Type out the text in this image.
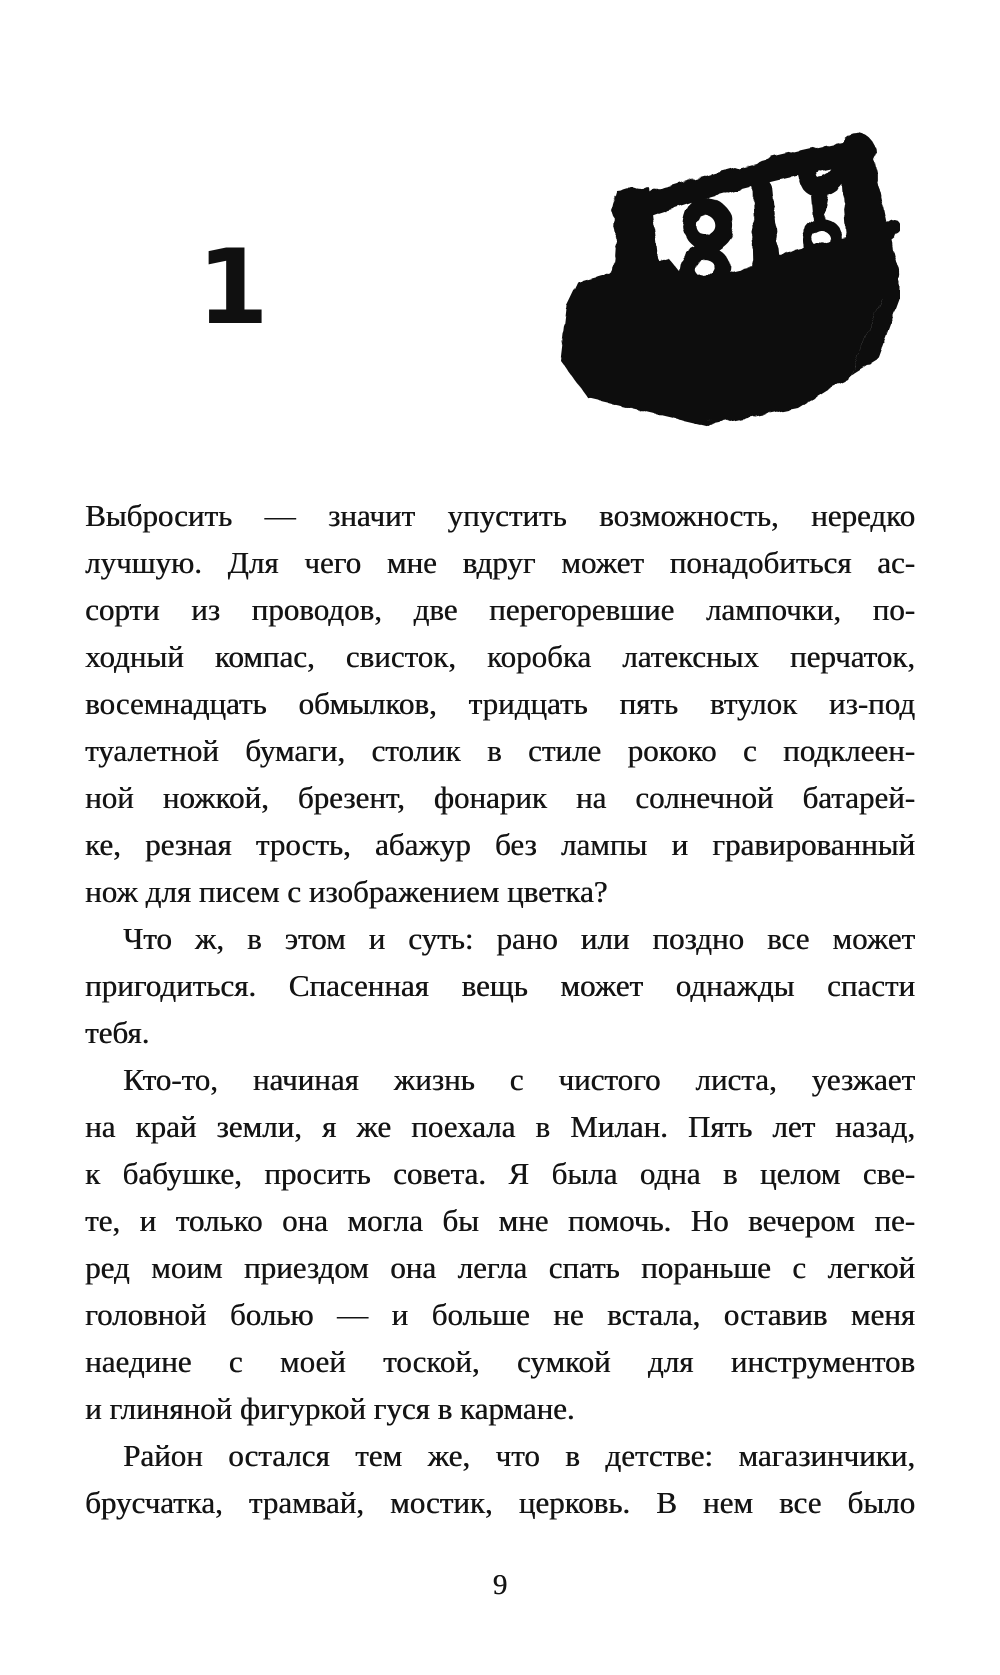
1
Выбросить — значит упустить возможность, нередко
лучшую. Для чего мне вдруг может понадобиться ас-
сорти из проводов, две перегоревшие лампочки, по-
ходный компас, свисток, коробка латексных перчаток,
восемнадцать обмылков, тридцать пять втулок из-под
туалетной бумаги, столик в стиле рококо с подклеен-
ной ножкой, брезент, фонарик на солнечной батарей-
ке, резная трость, абажур без лампы и гравированный
нож для писем с изображением цветка?
Что ж, в этом и суть: рано или поздно все может
пригодиться. Спасенная вещь может однажды спасти
тебя.
Кто-то, начиная жизнь с чистого листа, уезжает
на край земли, я же поехала в Милан. Пять лет назад,
к бабушке, просить совета. Я была одна в целом све-
те, и только она могла бы мне помочь. Но вечером пе-
ред моим приездом она легла спать пораньше с легкой
головной болью — и больше не встала, оставив меня
наедине с моей тоской, сумкой для инструментов
и глиняной фигуркой гуся в кармане.
Район остался тем же, что в детстве: магазинчики,
брусчатка, трамвай, мостик, церковь. В нем все было
9
